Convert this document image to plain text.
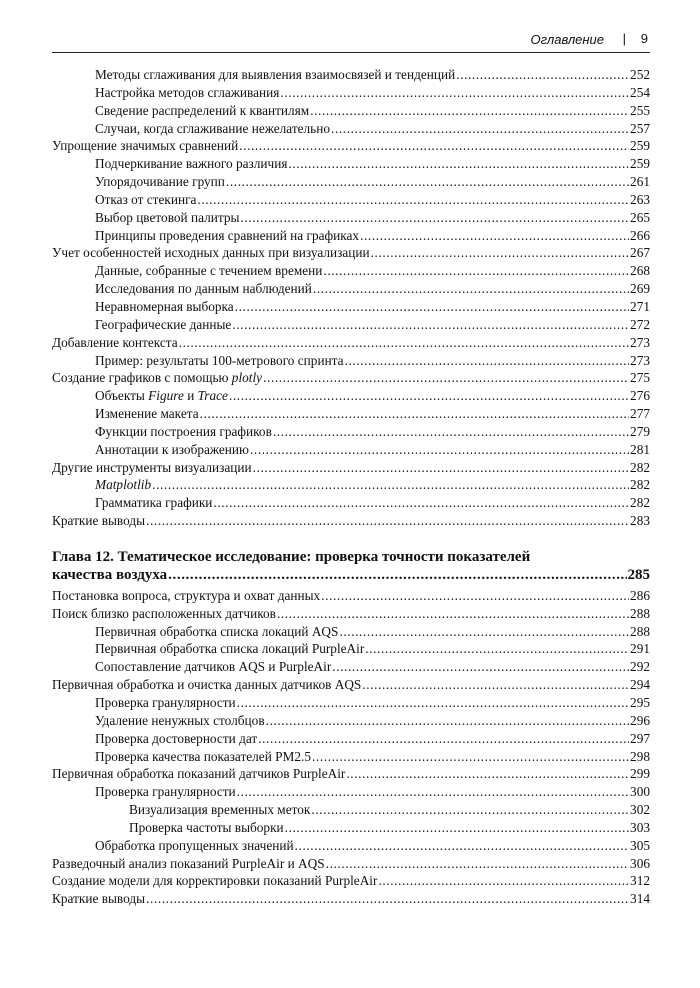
Оглавление | 9
Методы сглаживания для выявления взаимосвязей и тенденций .....	252
Настройка методов сглаживания .....	254
Сведение распределений к квантилям .....	255
Случаи, когда сглаживание нежелательно .....	257
Упрощение значимых сравнений .....	259
Подчеркивание важного различия .....	259
Упорядочивание групп .....	261
Отказ от стекинга .....	263
Выбор цветовой палитры .....	265
Принципы проведения сравнений на графиках .....	266
Учет особенностей исходных данных при визуализации .....	267
Данные, собранные с течением времени .....	268
Исследования по данным наблюдений .....	269
Неравномерная выборка .....	271
Географические данные .....	272
Добавление контекста .....	273
Пример: результаты 100-метрового спринта .....	273
Создание графиков с помощью plotly .....	275
Объекты Figure и Trace .....	276
Изменение макета .....	277
Функции построения графиков .....	279
Аннотации к изображению .....	281
Другие инструменты визуализации .....	282
Matplotlib .....	282
Грамматика графики .....	282
Краткие выводы .....	283
Глава 12. Тематическое исследование: проверка точности показателей
качества воздуха .....	285
Постановка вопроса, структура и охват данных .....	286
Поиск близко расположенных датчиков .....	288
Первичная обработка списка локаций AQS .....	288
Первичная обработка списка локаций PurpleAir .....	291
Сопоставление датчиков AQS и PurpleAir .....	292
Первичная обработка и очистка данных датчиков AQS .....	294
Проверка гранулярности .....	295
Удаление ненужных столбцов .....	296
Проверка достоверности дат .....	297
Проверка качества показателей PM2.5 .....	298
Первичная обработка показаний датчиков PurpleAir .....	299
Проверка гранулярности .....	300
Визуализация временных меток .....	302
Проверка частоты выборки .....	303
Обработка пропущенных значений .....	305
Разведочный анализ показаний PurpleAir и AQS .....	306
Создание модели для корректировки показаний PurpleAir .....	312
Краткие выводы .....	314
